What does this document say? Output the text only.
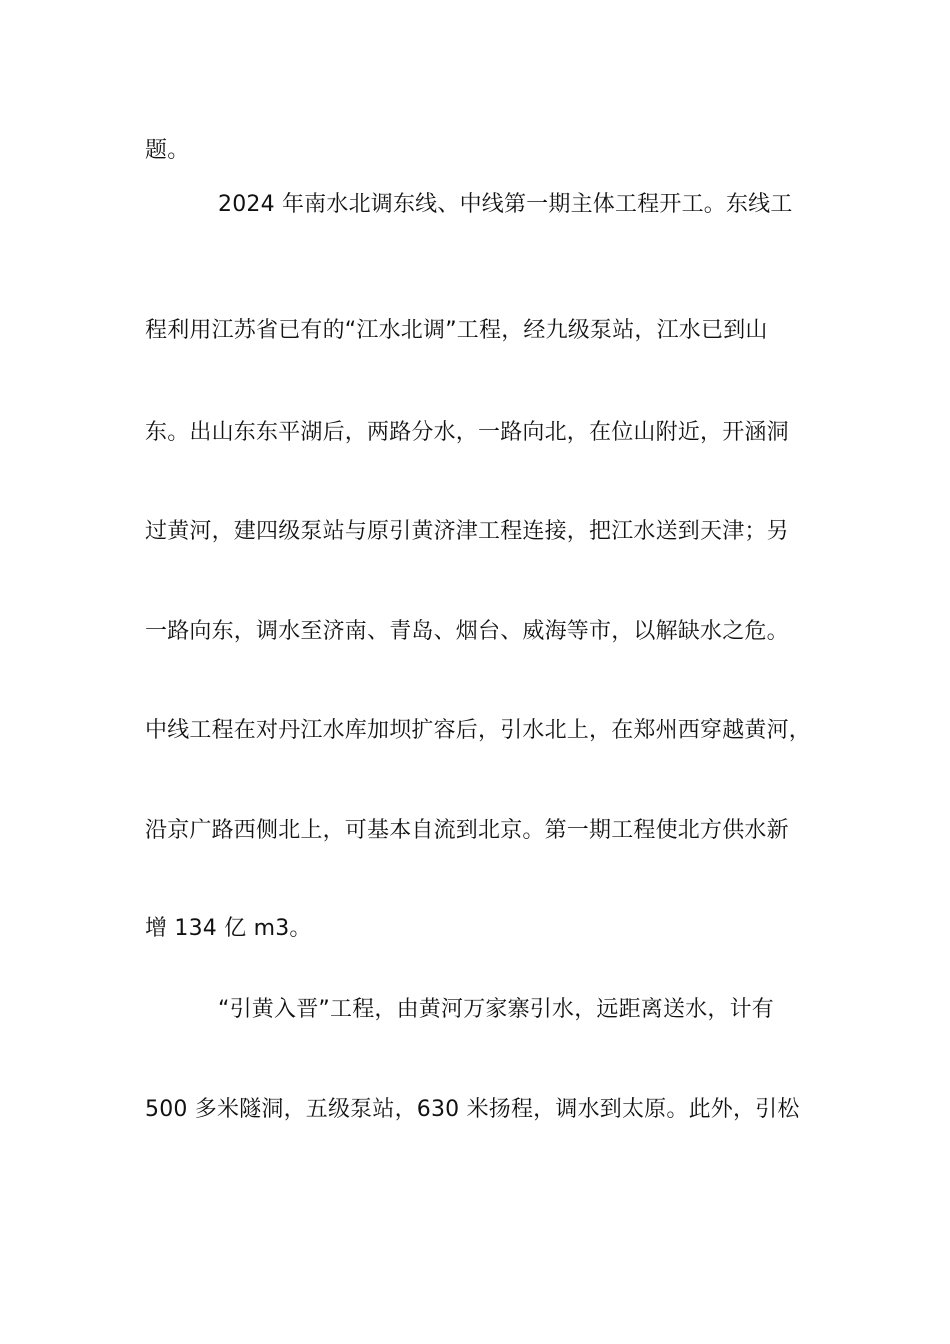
题。
2024 年南水北调东线、中线第一期主体工程开工。东线工
程利用江苏省已有的“江水北调”工程，经九级泵站，江水已到山
东。出山东东平湖后，两路分水，一路向北，在位山附近，开涵洞
过黄河，建四级泵站与原引黄济津工程连接，把江水送到天津；另
一路向东，调水至济南、青岛、烟台、威海等市，以解缺水之危。
中线工程在对丹江水库加坝扩容后，引水北上，在郑州西穿越黄河，
沿京广路西侧北上，可基本自流到北京。第一期工程使北方供水新
增 134 亿 m3。
“引黄入晋”工程，由黄河万家寨引水，远距离送水，计有
500 多米隧洞，五级泵站，630 米扬程，调水到太原。此外，引松
